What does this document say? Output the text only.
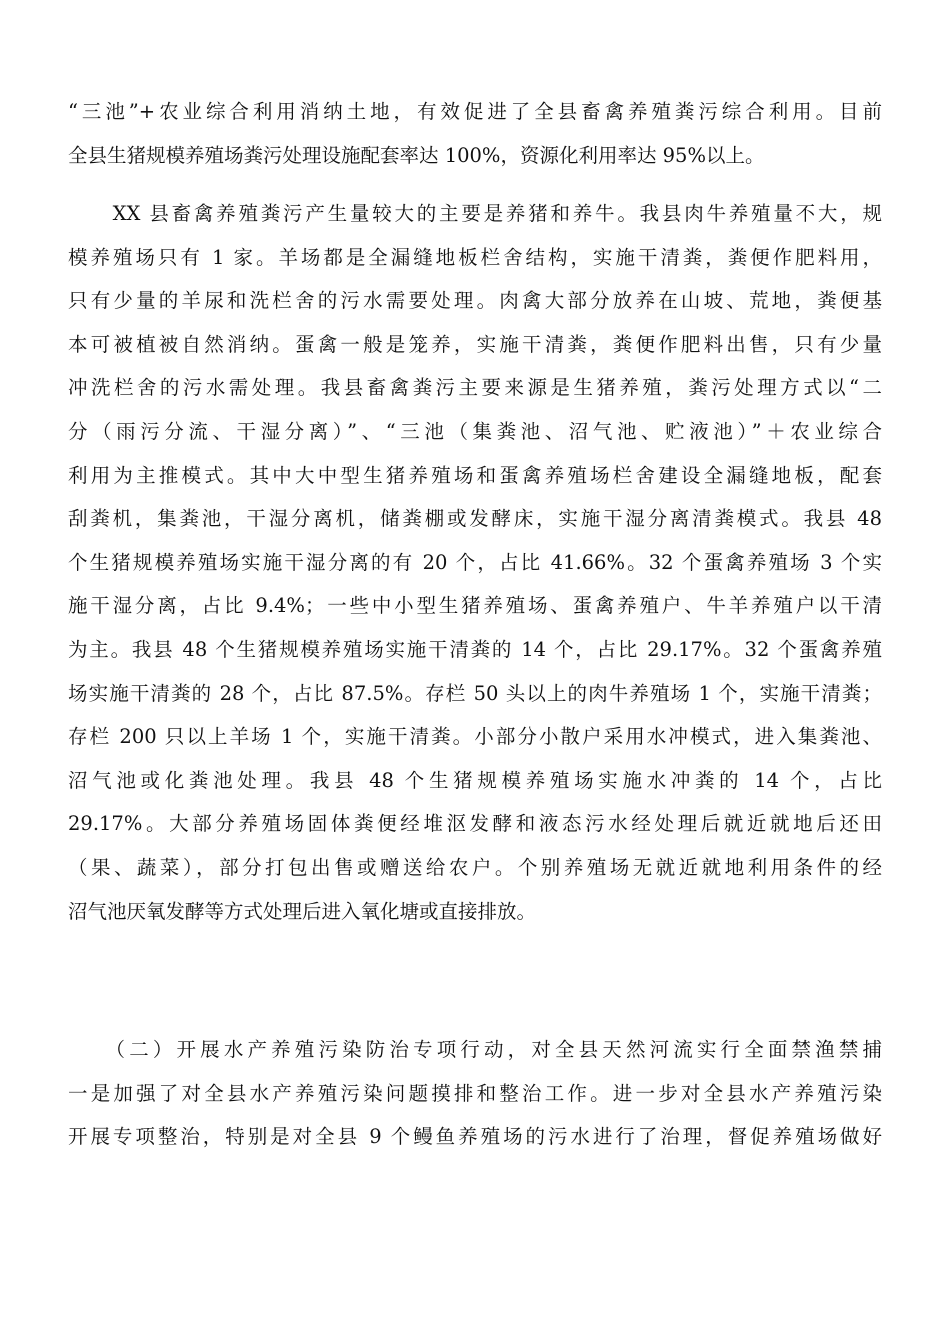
“三池”+农业综合利用消纳土地，有效促进了全县畜禽养殖粪污综合利用。目前
全县生猪规模养殖场粪污处理设施配套率达 100%，资源化利用率达 95%以上。
　　XX 县畜禽养殖粪污产生量较大的主要是养猪和养牛。我县肉牛养殖量不大，规
模养殖场只有 1 家。羊场都是全漏缝地板栏舍结构，实施干清粪，粪便作肥料用，
只有少量的羊尿和洗栏舍的污水需要处理。肉禽大部分放养在山坡、荒地，粪便基
本可被植被自然消纳。蛋禽一般是笼养，实施干清粪，粪便作肥料出售，只有少量
冲洗栏舍的污水需处理。我县畜禽粪污主要来源是生猪养殖，粪污处理方式以“二
分（雨污分流、干湿分离）”、“三池（集粪池、沼气池、贮液池）”＋农业综合
利用为主推模式。其中大中型生猪养殖场和蛋禽养殖场栏舍建设全漏缝地板，配套
刮粪机，集粪池，干湿分离机，储粪棚或发酵床，实施干湿分离清粪模式。我县 48
个生猪规模养殖场实施干湿分离的有 20 个，占比 41.66%。32 个蛋禽养殖场 3 个实
施干湿分离，占比 9.4%；一些中小型生猪养殖场、蛋禽养殖户、牛羊养殖户以干清
为主。我县 48 个生猪规模养殖场实施干清粪的 14 个，占比 29.17%。32 个蛋禽养殖
场实施干清粪的 28 个，占比 87.5%。存栏 50 头以上的肉牛养殖场 1 个，实施干清粪；
存栏 200 只以上羊场 1 个，实施干清粪。小部分小散户采用水冲模式，进入集粪池、
沼气池或化粪池处理。我县 48 个生猪规模养殖场实施水冲粪的 14 个，占比
29.17%。大部分养殖场固体粪便经堆沤发酵和液态污水经处理后就近就地后还田
（果、蔬菜），部分打包出售或赠送给农户。个别养殖场无就近就地利用条件的经
沼气池厌氧发酵等方式处理后进入氧化塘或直接排放。
　　（二）开展水产养殖污染防治专项行动，对全县天然河流实行全面禁渔禁捕
一是加强了对全县水产养殖污染问题摸排和整治工作。进一步对全县水产养殖污染
开展专项整治，特别是对全县 9 个鳗鱼养殖场的污水进行了治理，督促养殖场做好
